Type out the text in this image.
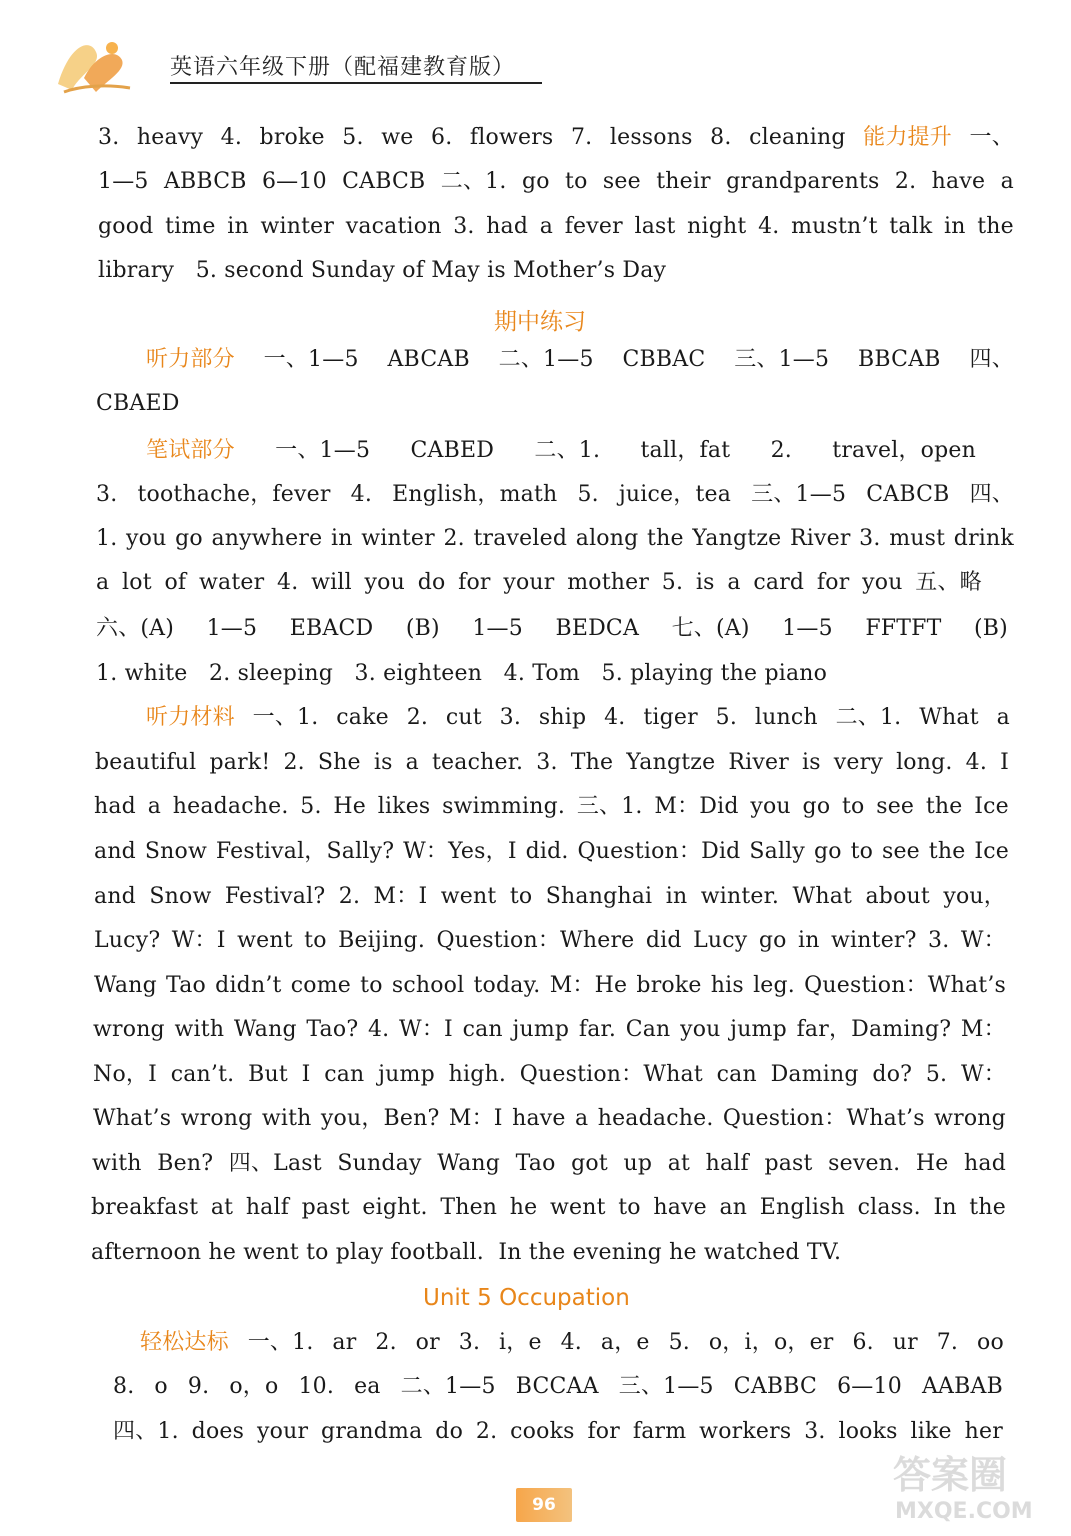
英语六年级下册（配福建教育版）
3. heavy 4. broke 5. we 6. flowers 7. lessons 8. cleaning 能力提升 一、
1—5 ABBCB 6—10 CABCB 二、1. go to see their grandparents 2. have a
good time in winter vacation 3. had a fever last night 4. mustn’t talk in the
library   5. second Sunday of May is Mother’s Day
期中练习
听力部分 一、1—5 ABCAB 二、1—5 CBBAC 三、1—5 BBCAB 四、
CBAED
笔试部分 一、1—5 CABED 二、1. tall，fat 2. travel，open
3. toothache，fever 4. English，math 5. juice，tea 三、1—5 CABCB 四、
1. you go anywhere in winter 2. traveled along the Yangtze River 3. must drink
a lot of water 4. will you do for your mother 5. is a card for you 五、略
六、(A) 1—5 EBACD (B) 1—5 BEDCA 七、(A) 1—5 FFTFT (B)
1. white   2. sleeping   3. eighteen   4. Tom   5. playing the piano
听力材料 一、1. cake 2. cut 3. ship 4. tiger 5. lunch 二、1. What a
beautiful park! 2. She is a teacher. 3. The Yangtze River is very long. 4. I
had a headache. 5. He likes swimming. 三、1. M：Did you go to see the Ice
and Snow Festival，Sally? W：Yes，I did. Question：Did Sally go to see the Ice
and Snow Festival? 2. M：I went to Shanghai in winter. What about you，
Lucy? W：I went to Beijing. Question：Where did Lucy go in winter? 3. W：
Wang Tao didn’t come to school today. M：He broke his leg. Question：What’s
wrong with Wang Tao? 4. W：I can jump far. Can you jump far，Daming? M：
No，I can’t. But I can jump high. Question：What can Daming do? 5. W：
What’s wrong with you，Ben? M：I have a headache. Question：What’s wrong
with Ben? 四、Last Sunday Wang Tao got up at half past seven. He had
breakfast at half past eight. Then he went to have an English class. In the
afternoon he went to play football.  In the evening he watched TV.
Unit 5 Occupation
轻松达标 一、1. ar 2. or 3. i，e 4. a，e 5. o，i，o，er 6. ur 7. oo
8. o 9. o，o 10. ea 二、1—5 BCCAA 三、1—5 CABBC 6—10 AABAB
四、1. does your grandma do 2. cooks for farm workers 3. looks like her
96
答案圈
MXQE.COM
